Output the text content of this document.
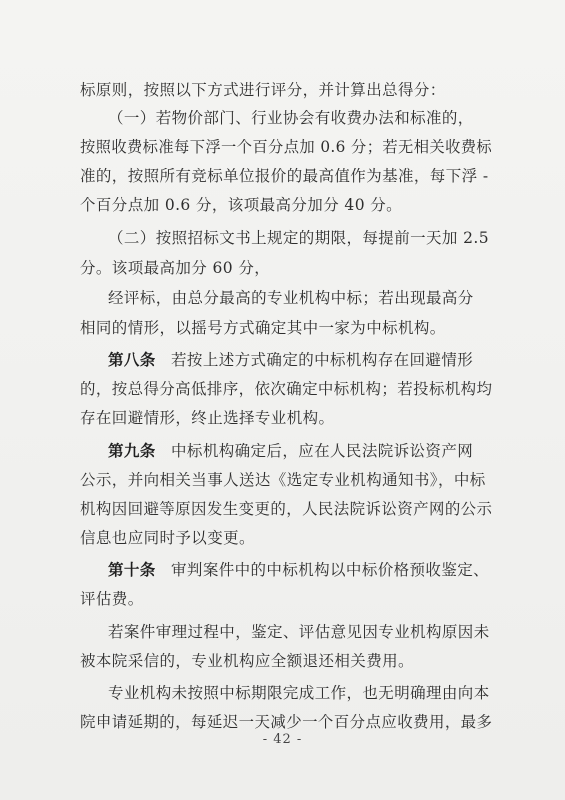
标原则，按照以下方式进行评分，并计算出总得分：
（一）若物价部门、行业协会有收费办法和标准的，
按照收费标准每下浮一个百分点加 0.6 分；若无相关收费标
准的，按照所有竞标单位报价的最高值作为基准，每下浮 -
个百分点加 0.6 分，该项最高分加分 40 分。
（二）按照招标文书上规定的期限，每提前一天加 2.5
分。该项最高加分 60 分，
经评标，由总分最高的专业机构中标；若出现最高分
相同的情形，以摇号方式确定其中一家为中标机构。
第八条 若按上述方式确定的中标机构存在回避情形
的，按总得分高低排序，依次确定中标机构；若投标机构均
存在回避情形，终止选择专业机构。
第九条 中标机构确定后，应在人民法院诉讼资产网
公示，并向相关当事人送达《选定专业机构通知书》，中标
机构因回避等原因发生变更的，人民法院诉讼资产网的公示
信息也应同时予以变更。
第十条 审判案件中的中标机构以中标价格预收鉴定、
评估费。
若案件审理过程中，鉴定、评估意见因专业机构原因未
被本院采信的，专业机构应全额退还相关费用。
专业机构未按照中标期限完成工作，也无明确理由向本
院申请延期的，每延迟一天减少一个百分点应收费用，最多
- 42 -
